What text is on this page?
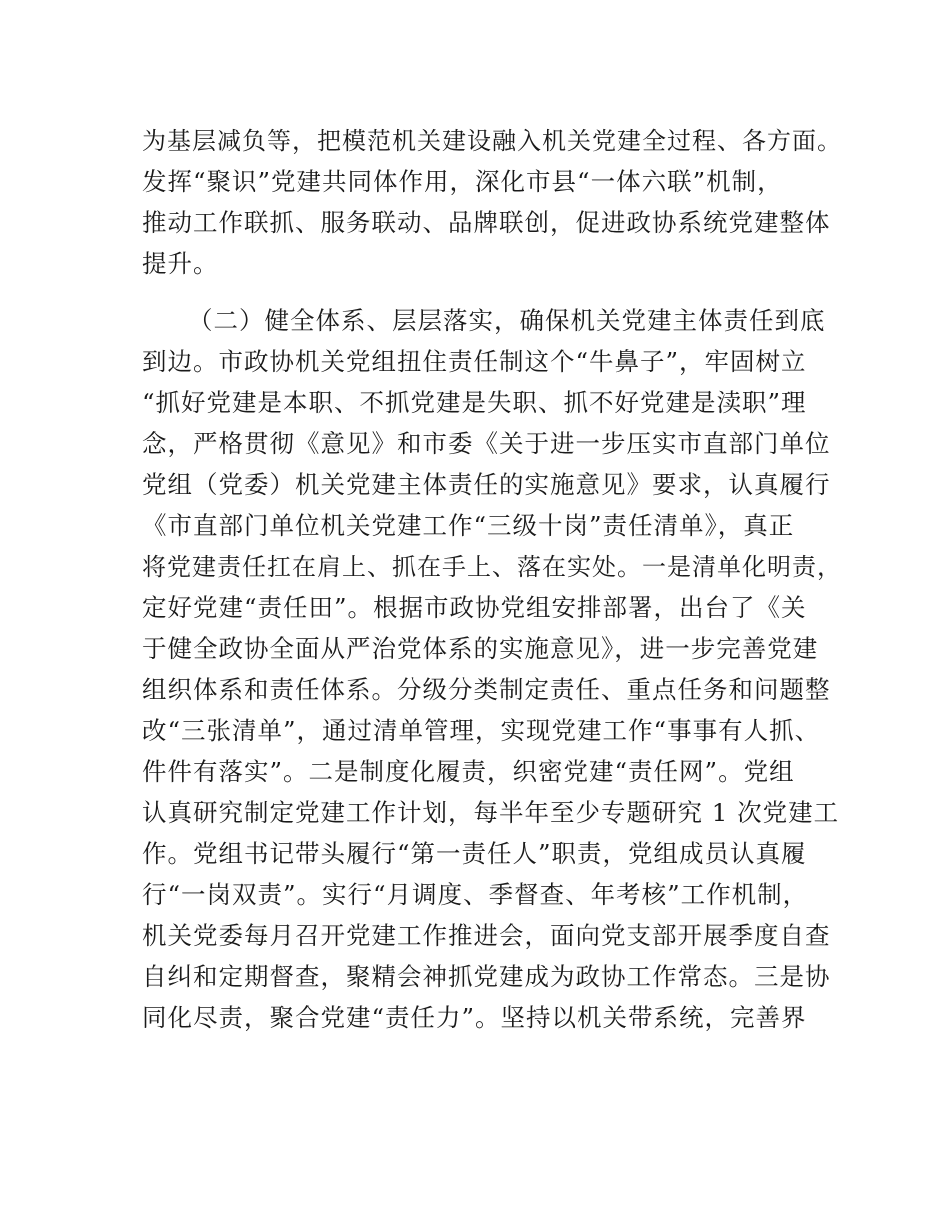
为基层减负等，把模范机关建设融入机关党建全过程、各方面。
发挥“聚识”党建共同体作用，深化市县“一体六联”机制，
推动工作联抓、服务联动、品牌联创，促进政协系统党建整体
提升。
（二）健全体系、层层落实，确保机关党建主体责任到底
到边。市政协机关党组扭住责任制这个“牛鼻子”，牢固树立
“抓好党建是本职、不抓党建是失职、抓不好党建是渎职”理
念，严格贯彻《意见》和市委《关于进一步压实市直部门单位
党组（党委）机关党建主体责任的实施意见》要求，认真履行
《市直部门单位机关党建工作“三级十岗”责任清单》，真正
将党建责任扛在肩上、抓在手上、落在实处。一是清单化明责，
定好党建“责任田”。根据市政协党组安排部署，出台了《关
于健全政协全面从严治党体系的实施意见》，进一步完善党建
组织体系和责任体系。分级分类制定责任、重点任务和问题整
改“三张清单”，通过清单管理，实现党建工作“事事有人抓、
件件有落实”。二是制度化履责，织密党建“责任网”。党组
认真研究制定党建工作计划，每半年至少专题研究 1 次党建工
作。党组书记带头履行“第一责任人”职责，党组成员认真履
行“一岗双责”。实行“月调度、季督查、年考核”工作机制，
机关党委每月召开党建工作推进会，面向党支部开展季度自查
自纠和定期督查，聚精会神抓党建成为政协工作常态。三是协
同化尽责，聚合党建“责任力”。坚持以机关带系统，完善界
